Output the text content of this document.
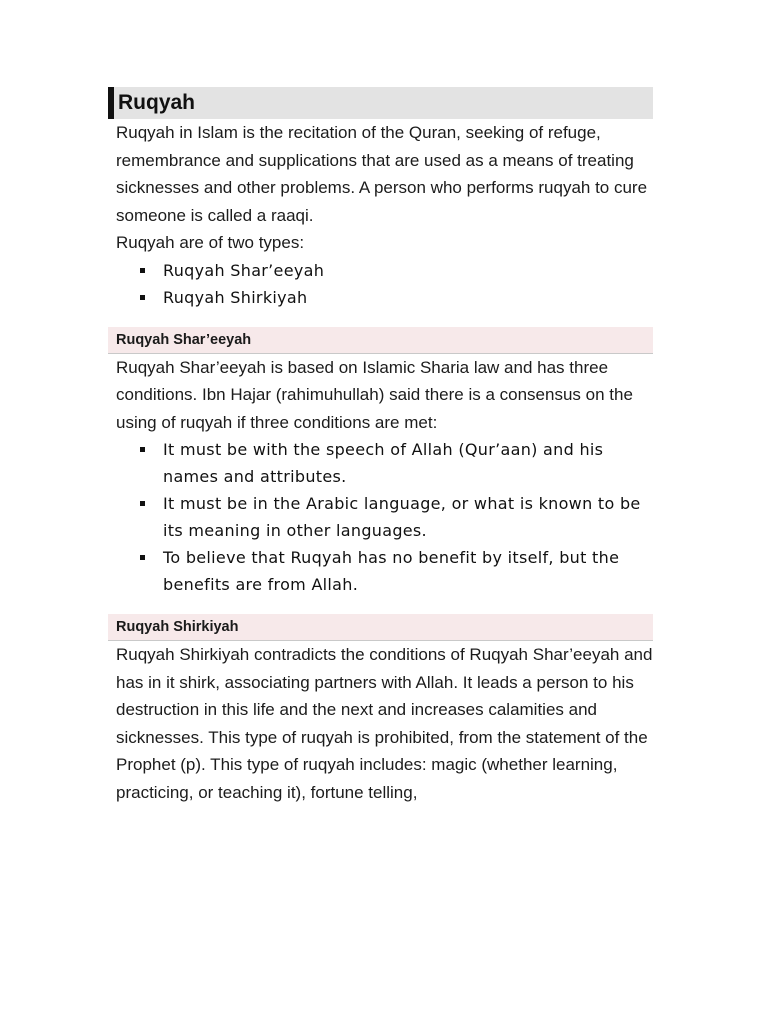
Ruqyah

Ruqyah in Islam is the recitation of the Quran, seeking of refuge, remembrance and supplications that are used as a means of treating sicknesses and other problems. A person who performs ruqyah to cure someone is called a raaqi.

Ruqyah are of two types:

Ruqyah Shar’eeyah
Ruqyah Shirkiyah
Ruqyah Shar’eeyah

Ruqyah Shar’eeyah is based on Islamic Sharia law and has three conditions. Ibn Hajar (rahimuhullah) said there is a consensus on the using of ruqyah if three conditions are met:

It must be with the speech of Allah (Qur’aan) and his names and attributes.
It must be in the Arabic language, or what is known to be its meaning in other languages.
To believe that Ruqyah has no benefit by itself, but the benefits are from Allah.
Ruqyah Shirkiyah

Ruqyah Shirkiyah contradicts the conditions of Ruqyah Shar’eeyah and has in it shirk, associating partners with Allah. It leads a person to his destruction in this life and the next and increases calamities and sicknesses. This type of ruqyah is prohibited, from the statement of the Prophet (p). This type of ruqyah includes: magic (whether learning, practicing, or teaching it), fortune telling,
